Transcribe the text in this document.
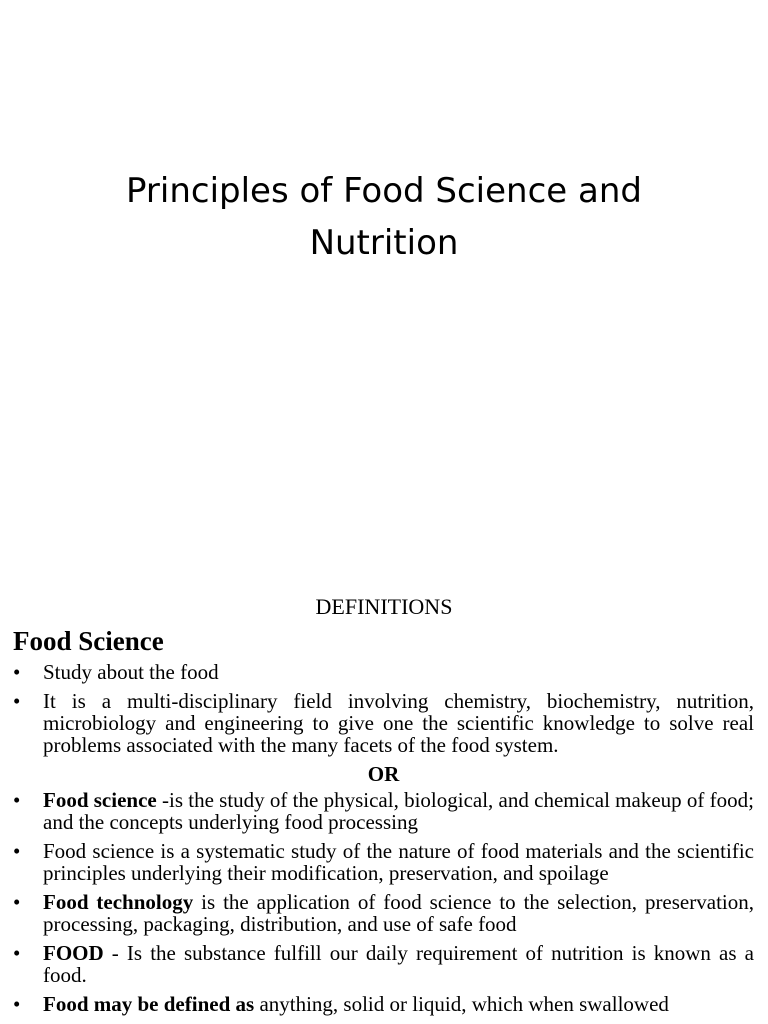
Principles of Food Science and
Nutrition
DEFINITIONS
Food Science
• Study about the food
• It is a multi-disciplinary field involving chemistry, biochemistry, nutrition, microbiology and engineering to give one the scientific knowledge to solve real problems associated with the many facets of the food system.
OR
• Food science -is the study of the physical, biological, and chemical makeup of food; and the concepts underlying food processing
• Food science is a systematic study of the nature of food materials and the scientific principles underlying their modification, preservation, and spoilage
• Food technology is the application of food science to the selection, preservation, processing, packaging, distribution, and use of safe food
• FOOD - Is the substance fulfill our daily requirement of nutrition is known as a food.
• Food may be defined as anything, solid or liquid, which when swallowed
